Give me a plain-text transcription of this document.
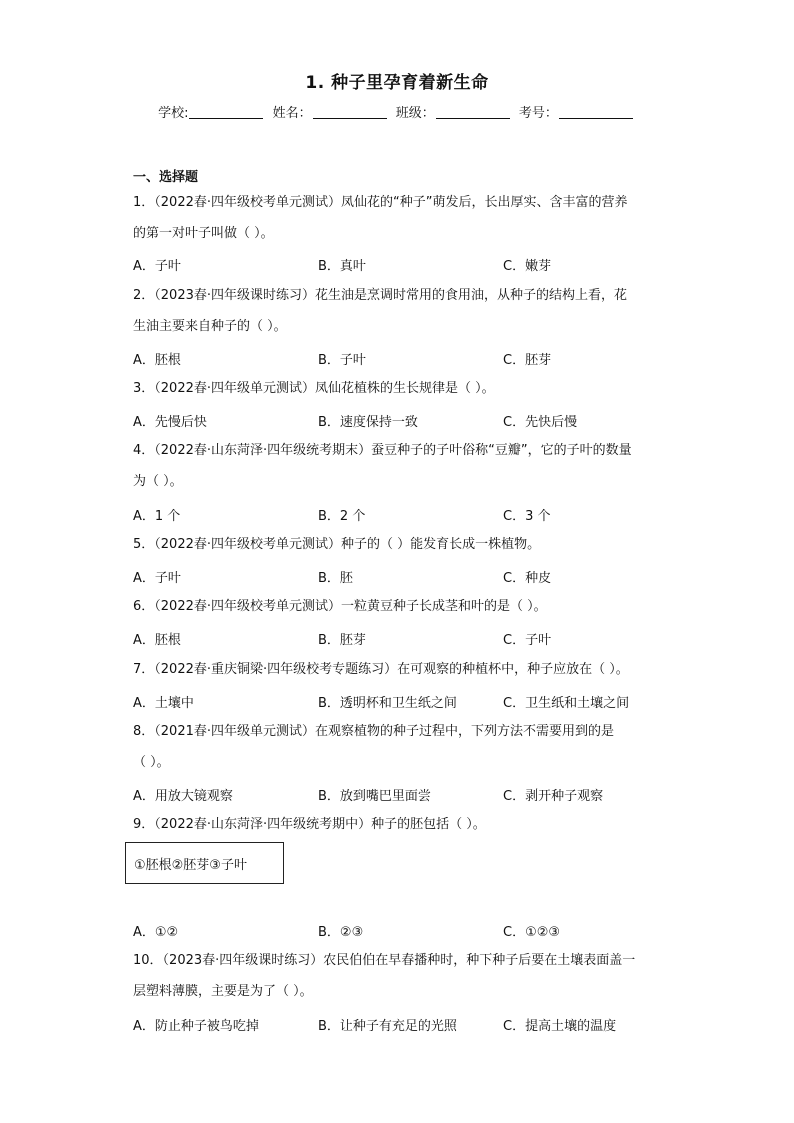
1. 种子里孕育着新生命
学校:	姓名：	班级：	考号：
一、选择题
1．（2022春·四年级校考单元测试）凤仙花的“种子”萌发后，长出厚实、含丰富的营养
的第一对叶子叫做（ ）。
A．子叶	B．真叶	C．嫩芽
2．（2023春·四年级课时练习）花生油是烹调时常用的食用油，从种子的结构上看，花
生油主要来自种子的（ ）。
A．胚根	B．子叶	C．胚芽
3．（2022春·四年级单元测试）凤仙花植株的生长规律是（ ）。
A．先慢后快	B．速度保持一致	C．先快后慢
4．（2022春·山东菏泽·四年级统考期末）蚕豆种子的子叶俗称“豆瓣”，它的子叶的数量
为（ ）。
A．1 个	B．2 个	C．3 个
5．（2022春·四年级校考单元测试）种子的（ ）能发育长成一株植物。
A．子叶	B．胚	C．种皮
6．（2022春·四年级校考单元测试）一粒黄豆种子长成茎和叶的是（ ）。
A．胚根	B．胚芽	C．子叶
7．（2022春·重庆铜梁·四年级校考专题练习）在可观察的种植杯中，种子应放在（ ）。
A．土壤中	B．透明杯和卫生纸之间	C．卫生纸和土壤之间
8．（2021春·四年级单元测试）在观察植物的种子过程中，下列方法不需要用到的是
（ ）。
A．用放大镜观察	B．放到嘴巴里面尝	C．剥开种子观察
9．（2022春·山东菏泽·四年级统考期中）种子的胚包括（ ）。
①胚根②胚芽③子叶
A．①②	B．②③	C．①②③
10．（2023春·四年级课时练习）农民伯伯在早春播种时，种下种子后要在土壤表面盖一
层塑料薄膜，主要是为了（ ）。
A．防止种子被鸟吃掉	B．让种子有充足的光照	C．提高土壤的温度
